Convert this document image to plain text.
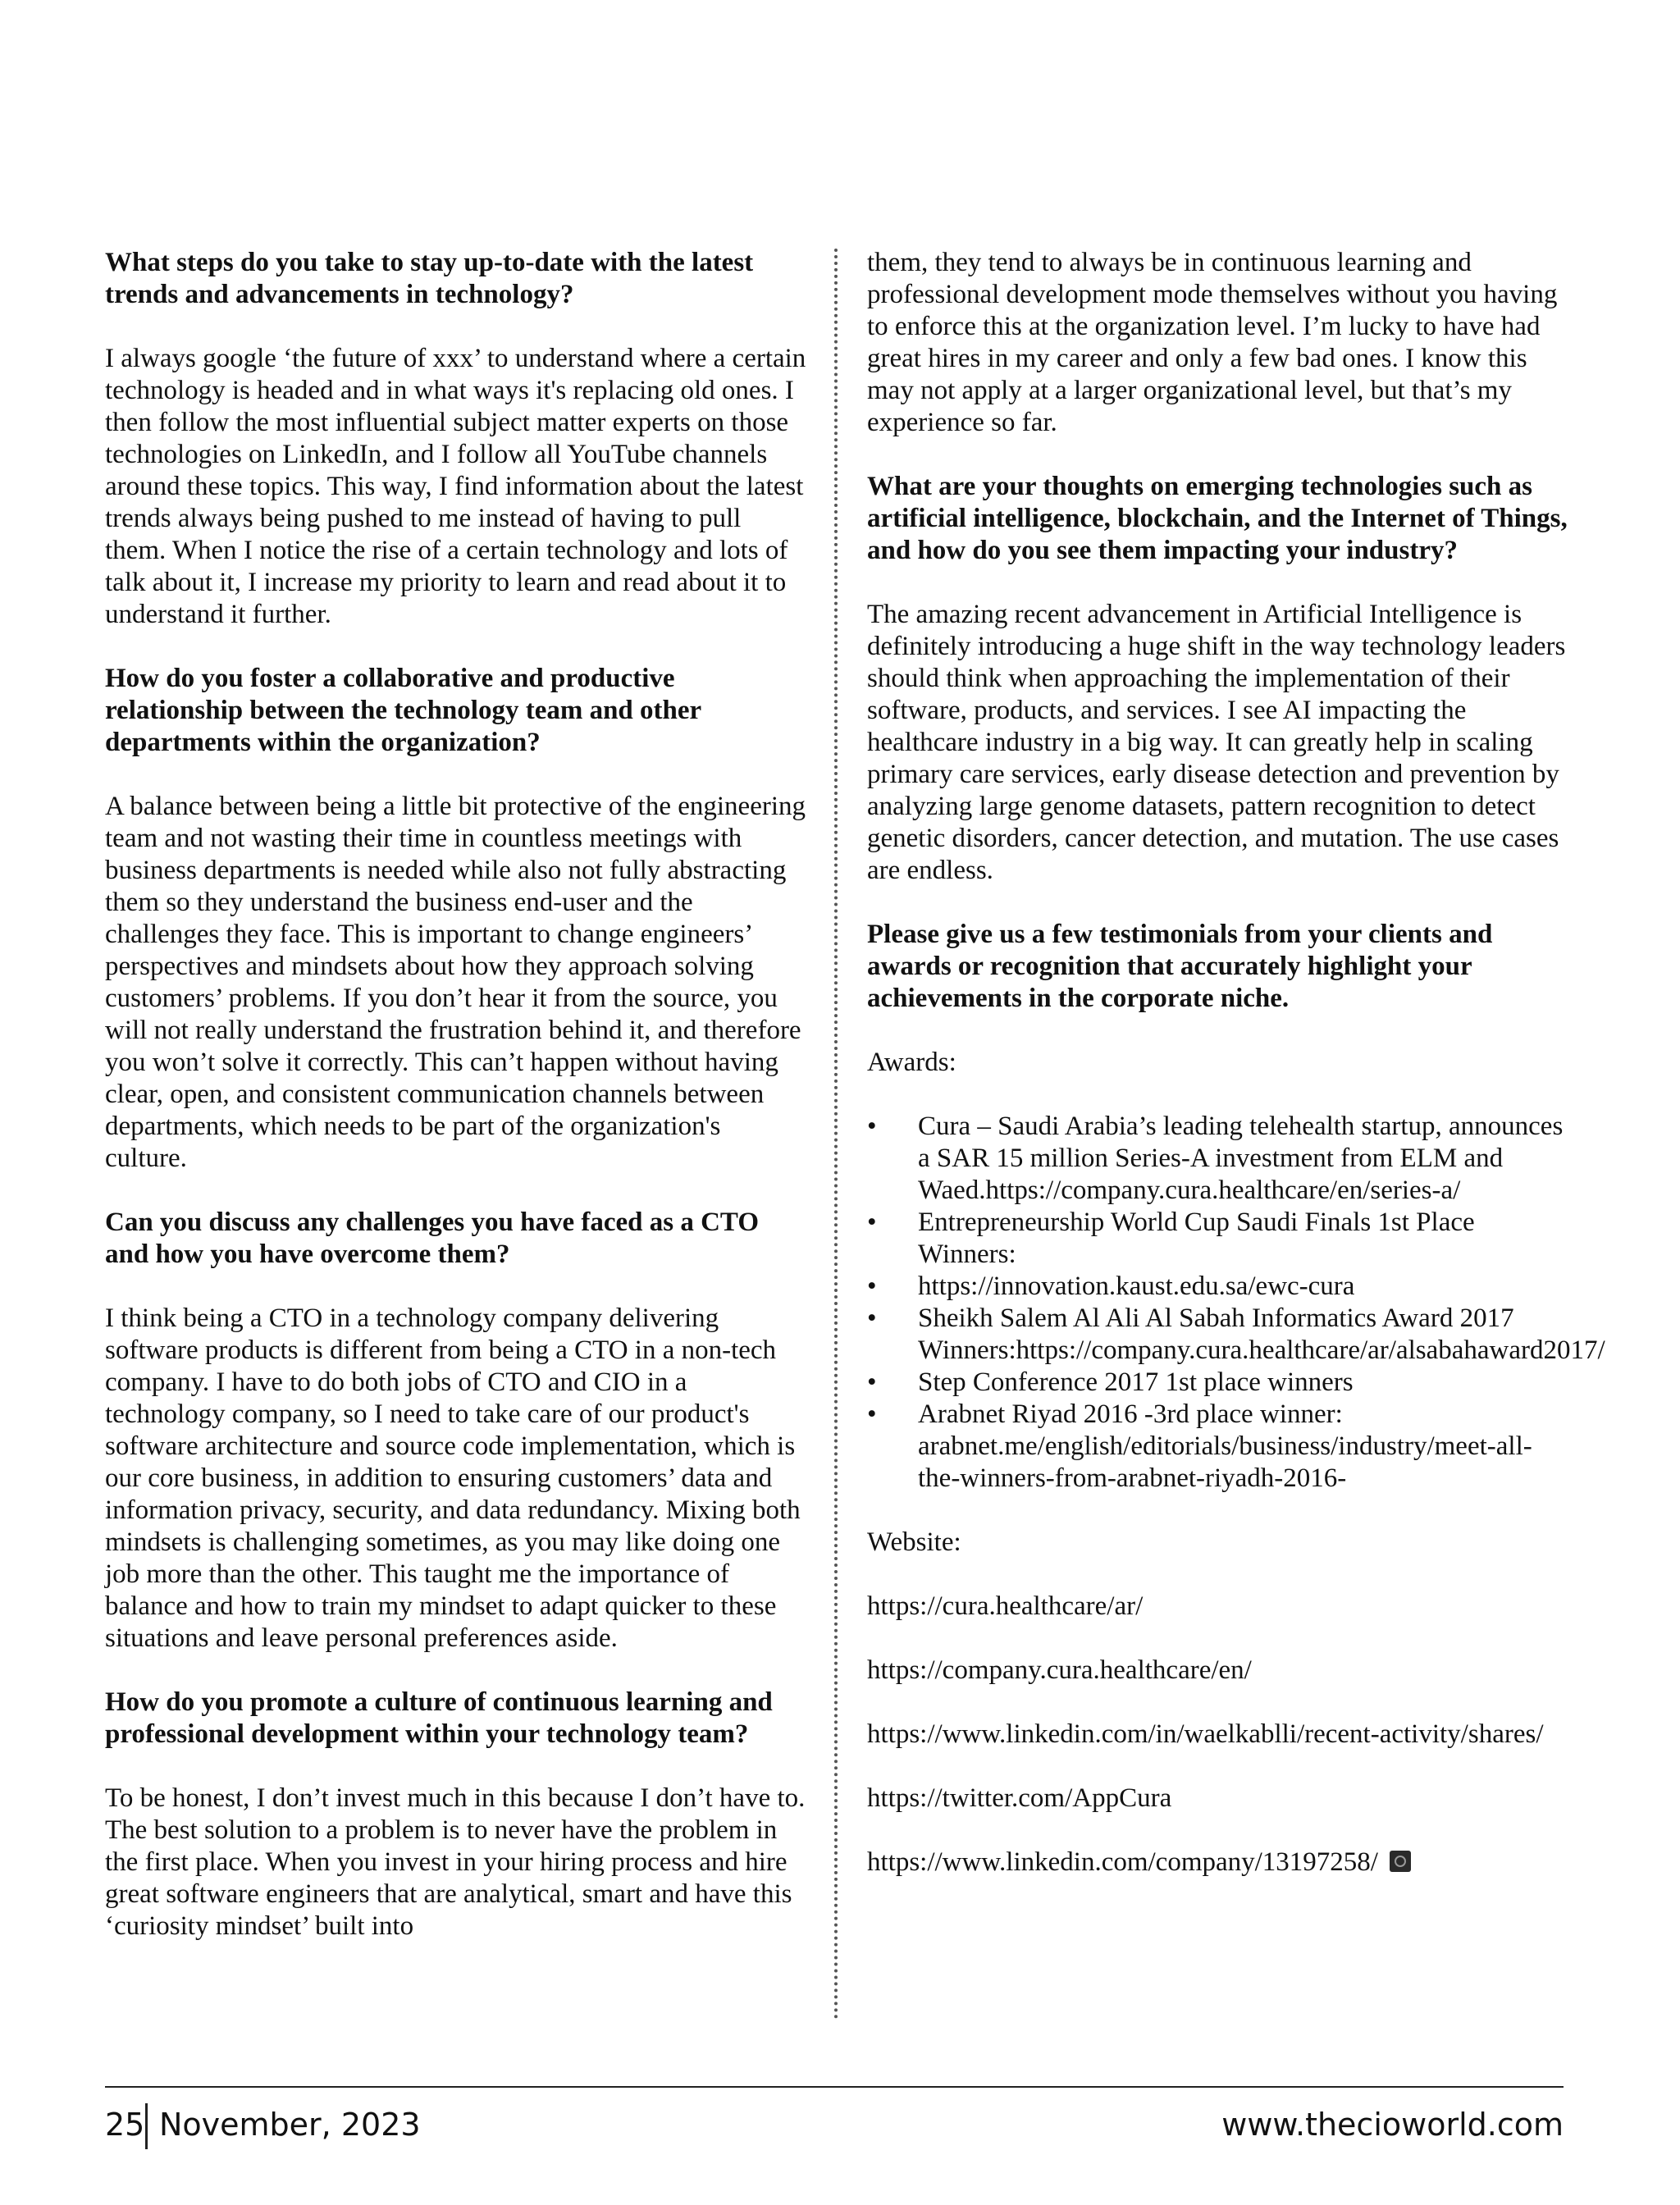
What steps do you take to stay up-to-date with the latest trends and advancements in technology?

I always google ‘the future of xxx’ to understand where a certain technology is headed and in what ways it's replacing old ones. I then follow the most influential subject matter experts on those technologies on LinkedIn, and I follow all YouTube channels around these topics. This way, I find information about the latest trends always being pushed to me instead of having to pull them. When I notice the rise of a certain technology and lots of talk about it, I increase my priority to learn and read about it to understand it further.

How do you foster a collaborative and productive relationship between the technology team and other departments within the organization?

A balance between being a little bit protective of the engineering team and not wasting their time in countless meetings with business departments is needed while also not fully abstracting them so they understand the business end-user and the challenges they face. This is important to change engineers’ perspectives and mindsets about how they approach solving customers’ problems. If you don’t hear it from the source, you will not really understand the frustration behind it, and therefore you won’t solve it correctly. This can’t happen without having clear, open, and consistent communication channels between departments, which needs to be part of the organization's culture.

Can you discuss any challenges you have faced as a CTO and how you have overcome them?

I think being a CTO in a technology company delivering software products is different from being a CTO in a non-tech company. I have to do both jobs of CTO and CIO in a technology company, so I need to take care of our product's software architecture and source code implementation, which is our core business, in addition to ensuring customers’ data and information privacy, security, and data redundancy. Mixing both mindsets is challenging sometimes, as you may like doing one job more than the other. This taught me the importance of balance and how to train my mindset to adapt quicker to these situations and leave personal preferences aside.

How do you promote a culture of continuous learning and professional development within your technology team?

To be honest, I don’t invest much in this because I don’t have to. The best solution to a problem is to never have the problem in the first place. When you invest in your hiring process and hire great software engineers that are analytical, smart and have this ‘curiosity mindset’ built into

them, they tend to always be in continuous learning and professional development mode themselves without you having to enforce this at the organization level. I’m lucky to have had great hires in my career and only a few bad ones. I know this may not apply at a larger organizational level, but that’s my experience so far.

What are your thoughts on emerging technologies such as artificial intelligence, blockchain, and the Internet of Things, and how do you see them impacting your industry?

The amazing recent advancement in Artificial Intelligence is definitely introducing a huge shift in the way technology leaders should think when approaching the implementation of their software, products, and services. I see AI impacting the healthcare industry in a big way. It can greatly help in scaling primary care services, early disease detection and prevention by analyzing large genome datasets, pattern recognition to detect genetic disorders, cancer detection, and mutation. The use cases are endless.

Please give us a few testimonials from your clients and awards or recognition that accurately highlight your achievements in the corporate niche.

Awards:

• Cura – Saudi Arabia’s leading telehealth startup, announces a SAR 15 million Series-A investment from ELM and Waed.https://company.cura.healthcare/en/series-a/
• Entrepreneurship World Cup Saudi Finals 1st Place Winners:
• https://innovation.kaust.edu.sa/ewc-cura
• Sheikh Salem Al Ali Al Sabah Informatics Award 2017 Winners:https://company.cura.healthcare/ar/alsabahaward2017/
• Step Conference 2017 1st place winners
• Arabnet Riyad 2016 -3rd place winner: arabnet.me/english/editorials/business/industry/meet-all-the-winners-from-arabnet-riyadh-2016-

Website:

https://cura.healthcare/ar/

https://company.cura.healthcare/en/

https://www.linkedin.com/in/waelkablli/recent-activity/shares/

https://twitter.com/AppCura

https://www.linkedin.com/company/13197258/

25 November, 2023	www.thecioworld.com
